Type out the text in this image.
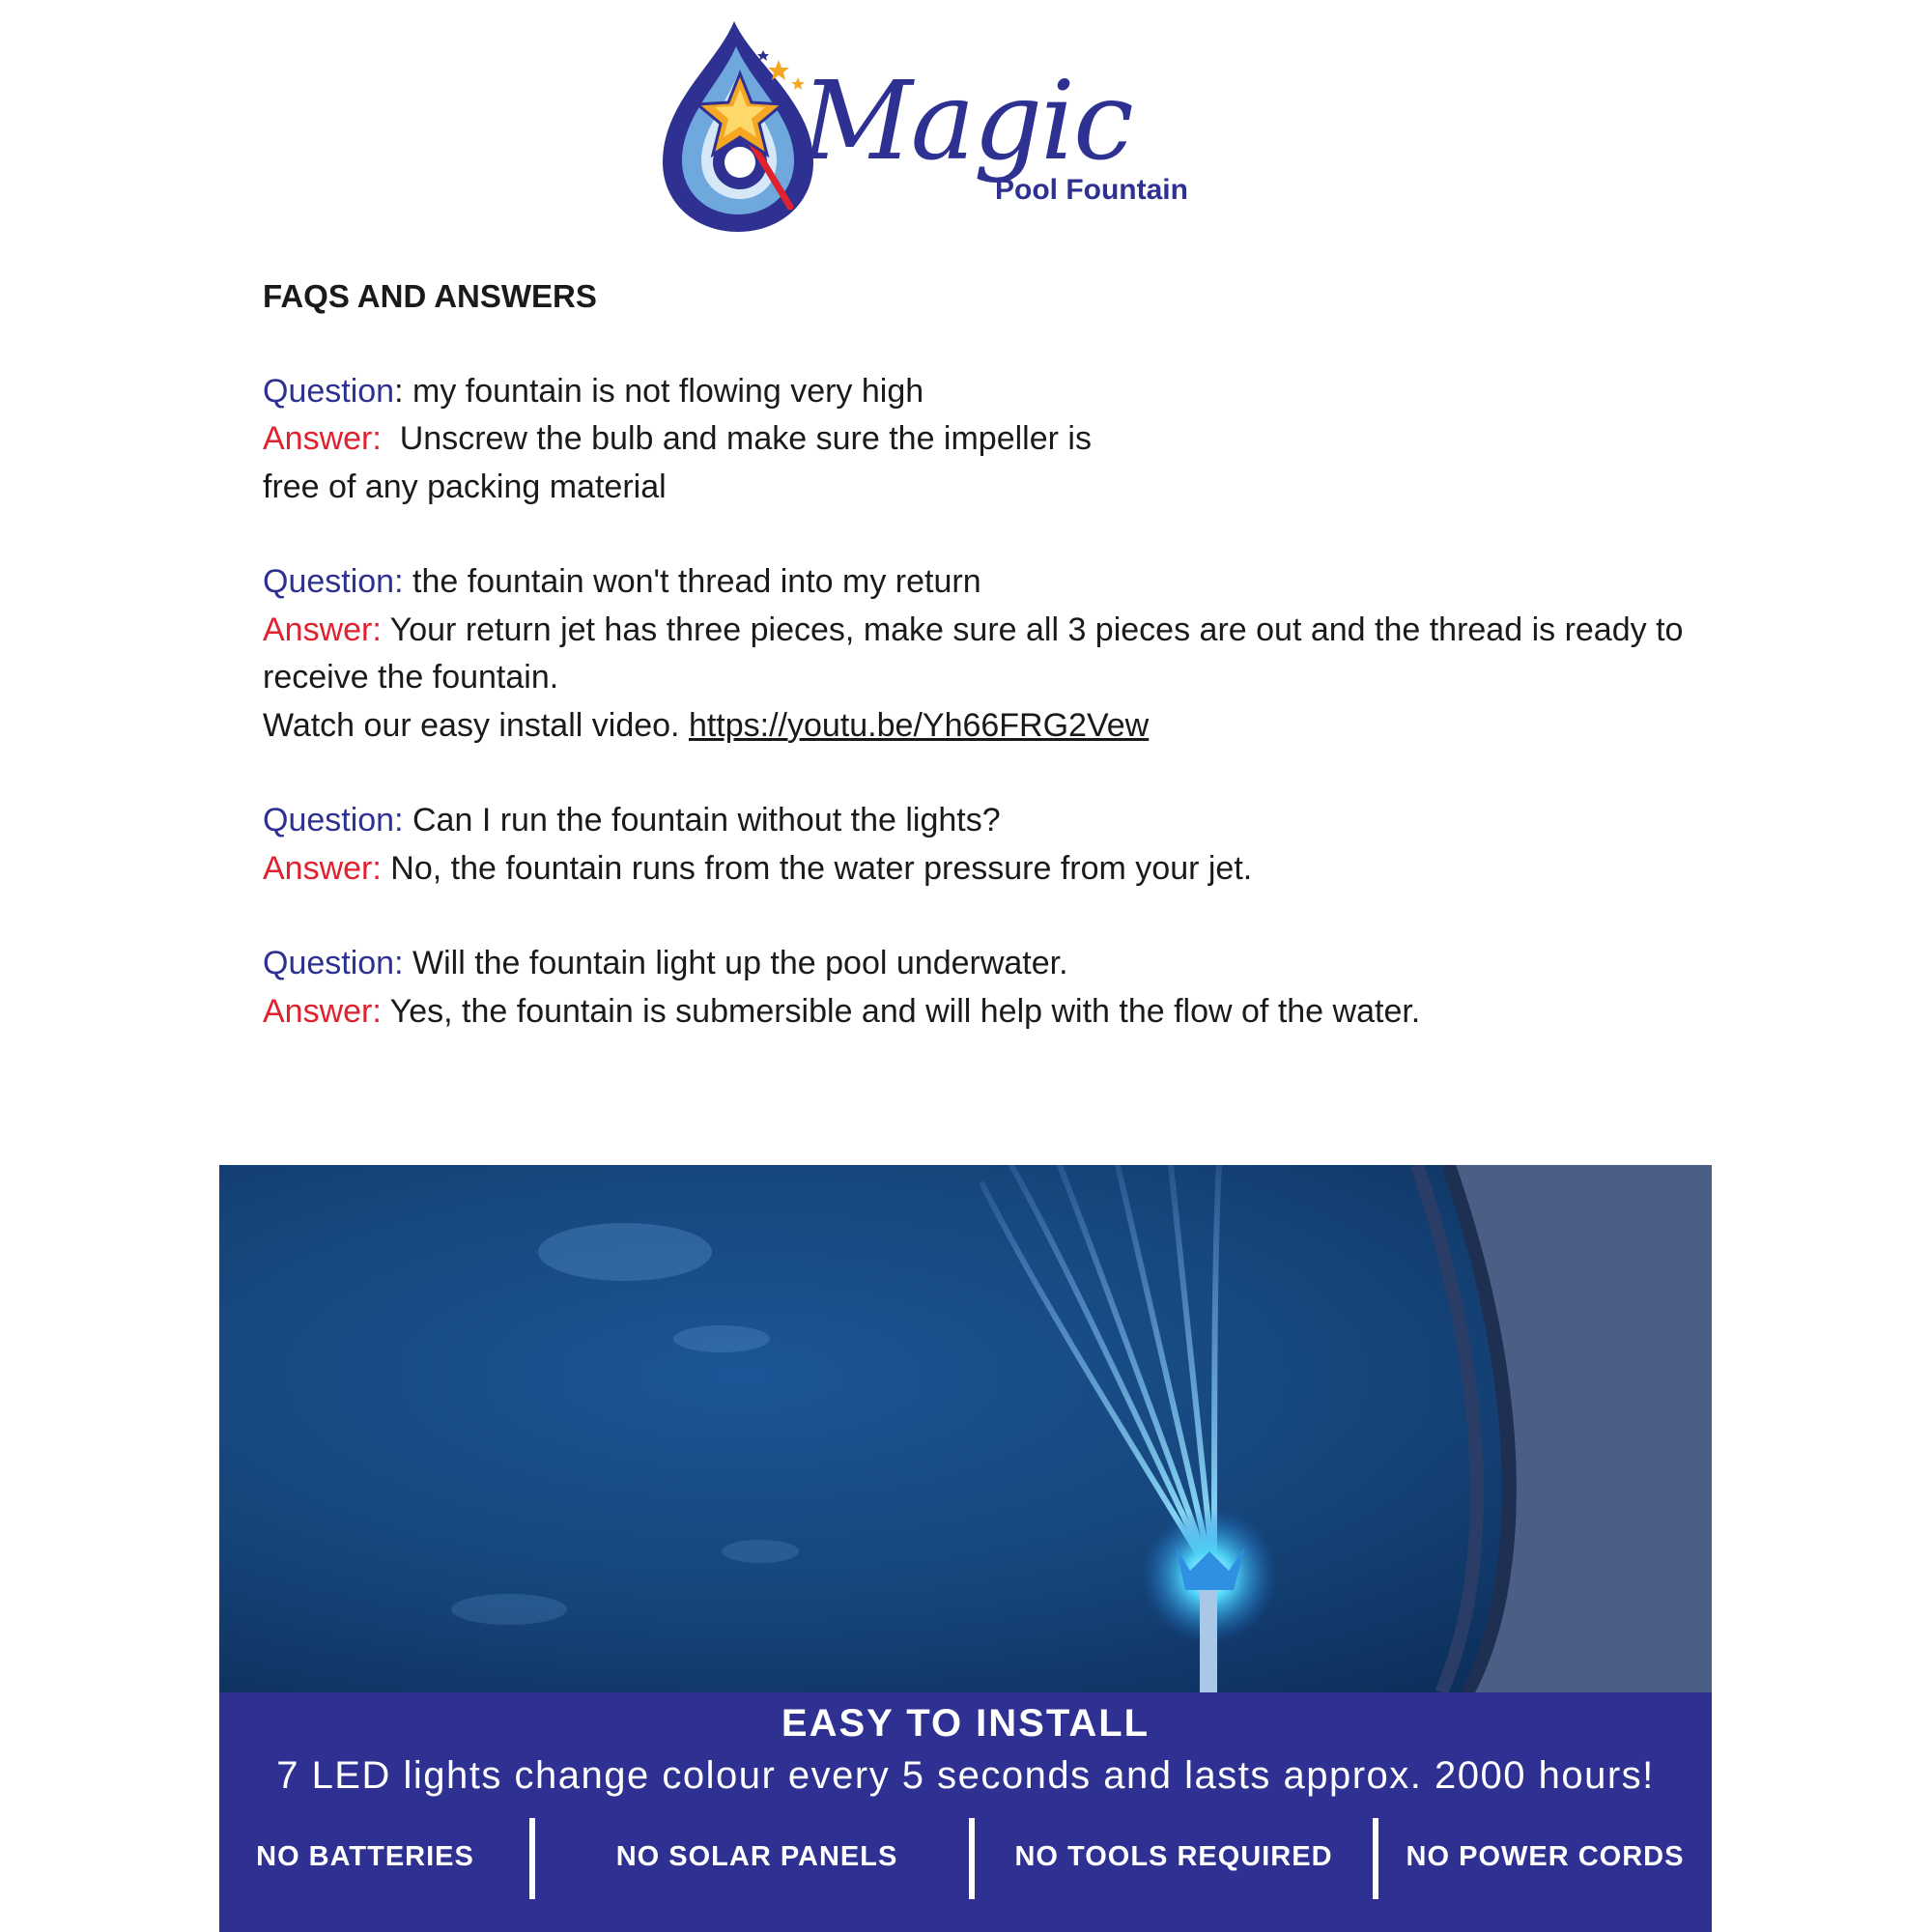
Magic
Pool Fountain
FAQS AND ANSWERS
Question: my fountain is not flowing very high
Answer: Unscrew the bulb and make sure the impeller is
free of any packing material
Question: the fountain won't thread into my return
Answer: Your return jet has three pieces, make sure all 3 pieces are out and the thread is ready to receive the fountain.
Watch our easy install video. https://youtu.be/Yh66FRG2Vew
Question: Can I run the fountain without the lights?
Answer: No, the fountain runs from the water pressure from your jet.
Question: Will the fountain light up the pool underwater.
Answer: Yes, the fountain is submersible and will help with the flow of the water.
EASY TO INSTALL
7 LED lights change colour every 5 seconds and lasts approx. 2000 hours!
NO BATTERIES	NO SOLAR PANELS	NO TOOLS REQUIRED	NO POWER CORDS
